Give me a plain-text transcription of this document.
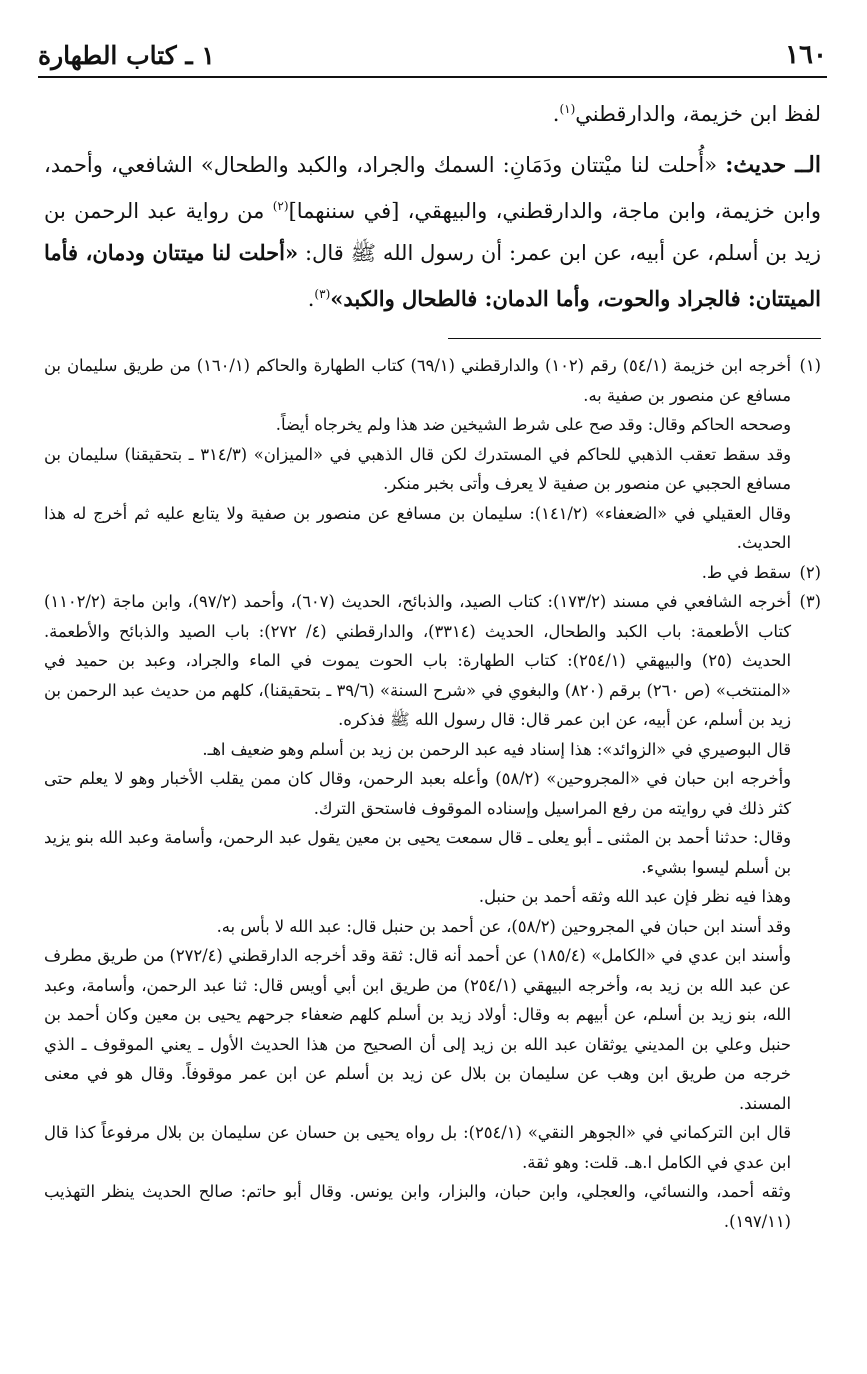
١٦٠
١ ـ كتاب الطهارة

لفظ ابن خزيمة، والدارقطني$^{(١)}$.

الــ حديث: «أُحلت لنا ميْتتان ودَمَانِ: السمك والجراد، والكبد والطحال» الشافعي، وأحمد، وابن خزيمة، وابن ماجة، والدارقطني، والبيهقي، [في سننهما]$^{(٢)}$ من رواية عبد الرحمن بن زيد بن أسلم، عن أبيه، عن ابن عمر: أن رسول الله ﷺ قال: «أحلت لنا ميتتان ودمان، فأما الميتتان: فالجراد والحوت، وأما الدمان: فالطحال والكبد»$^{(٣)}$.

(١)

أخرجه ابن خزيمة (٥٤/١) رقم (١٠٢) والدارقطني (٦٩/١) كتاب الطهارة والحاكم (١٦٠/١) من طريق سليمان بن مسافع عن منصور بن صفية به.

وصححه الحاكم وقال: وقد صح على شرط الشيخين ضد هذا ولم يخرجاه أيضاً.

وقد سقط تعقب الذهبي للحاكم في المستدرك لكن قال الذهبي في «الميزان» (٣١٤/٣ ـ بتحقيقنا) سليمان بن مسافع الحجبي عن منصور بن صفية لا يعرف وأتى بخبر منكر.

وقال العقيلي في «الضعفاء» (١٤١/٢): سليمان بن مسافع عن منصور بن صفية ولا يتابع عليه ثم أخرج له هذا الحديث.

(٢)

سقط في ط.

(٣)

أخرجه الشافعي في مسند (١٧٣/٢): كتاب الصيد، والذبائح، الحديث (٦٠٧)، وأحمد (٩٧/٢)، وابن ماجة (١١٠٢/٢) كتاب الأطعمة: باب الكبد والطحال، الحديث (٣٣١٤)، والدارقطني (٤/ ٢٧٢): باب الصيد والذبائح والأطعمة. الحديث (٢٥) والبيهقي (٢٥٤/١): كتاب الطهارة: باب الحوت يموت في الماء والجراد، وعبد بن حميد في «المنتخب» (ص ٢٦٠) برقم (٨٢٠) والبغوي في «شرح السنة» (٣٩/٦ ـ بتحقيقنا)، كلهم من حديث عبد الرحمن بن زيد بن أسلم، عن أبيه، عن ابن عمر قال: قال رسول الله ﷺ فذكره.

قال البوصيري في «الزوائد»: هذا إسناد فيه عبد الرحمن بن زيد بن أسلم وهو ضعيف اهـ.

وأخرجه ابن حبان في «المجروحين» (٥٨/٢) وأعله بعبد الرحمن، وقال كان ممن يقلب الأخبار وهو لا يعلم حتى كثر ذلك في روايته من رفع المراسيل وإسناده الموقوف فاستحق الترك.

وقال: حدثنا أحمد بن المثنى ـ أبو يعلى ـ قال سمعت يحيى بن معين يقول عبد الرحمن، وأسامة وعبد الله بنو يزيد بن أسلم ليسوا بشيء.

وهذا فيه نظر فإن عبد الله وثقه أحمد بن حنبل.

وقد أسند ابن حبان في المجروحين (٥٨/٢)، عن أحمد بن حنبل قال: عبد الله لا بأس به.

وأسند ابن عدي في «الكامل» (١٨٥/٤) عن أحمد أنه قال: ثقة وقد أخرجه الدارقطني (٢٧٢/٤) من طريق مطرف عن عبد الله بن زيد به، وأخرجه البيهقي (٢٥٤/١) من طريق ابن أبي أويس قال: ثنا عبد الرحمن، وأسامة، وعبد الله، بنو زيد بن أسلم، عن أبيهم به وقال: أولاد زيد بن أسلم كلهم ضعفاء جرحهم يحيى بن معين وكان أحمد بن حنبل وعلي بن المديني يوثقان عبد الله بن زيد إلى أن الصحيح من هذا الحديث الأول ـ يعني الموقوف ـ الذي خرجه من طريق ابن وهب عن سليمان بن بلال عن زيد بن أسلم عن ابن عمر موقوفاً. وقال هو في معنى المسند.

قال ابن التركماني في «الجوهر النقي» (٢٥٤/١): بل رواه يحيى بن حسان عن سليمان بن بلال مرفوعاً كذا قال ابن عدي في الكامل ا.هـ. قلت: وهو ثقة.

وثقه أحمد، والنسائي، والعجلي، وابن حبان، والبزار، وابن يونس. وقال أبو حاتم: صالح الحديث ينظر التهذيب (١٩٧/١١).
